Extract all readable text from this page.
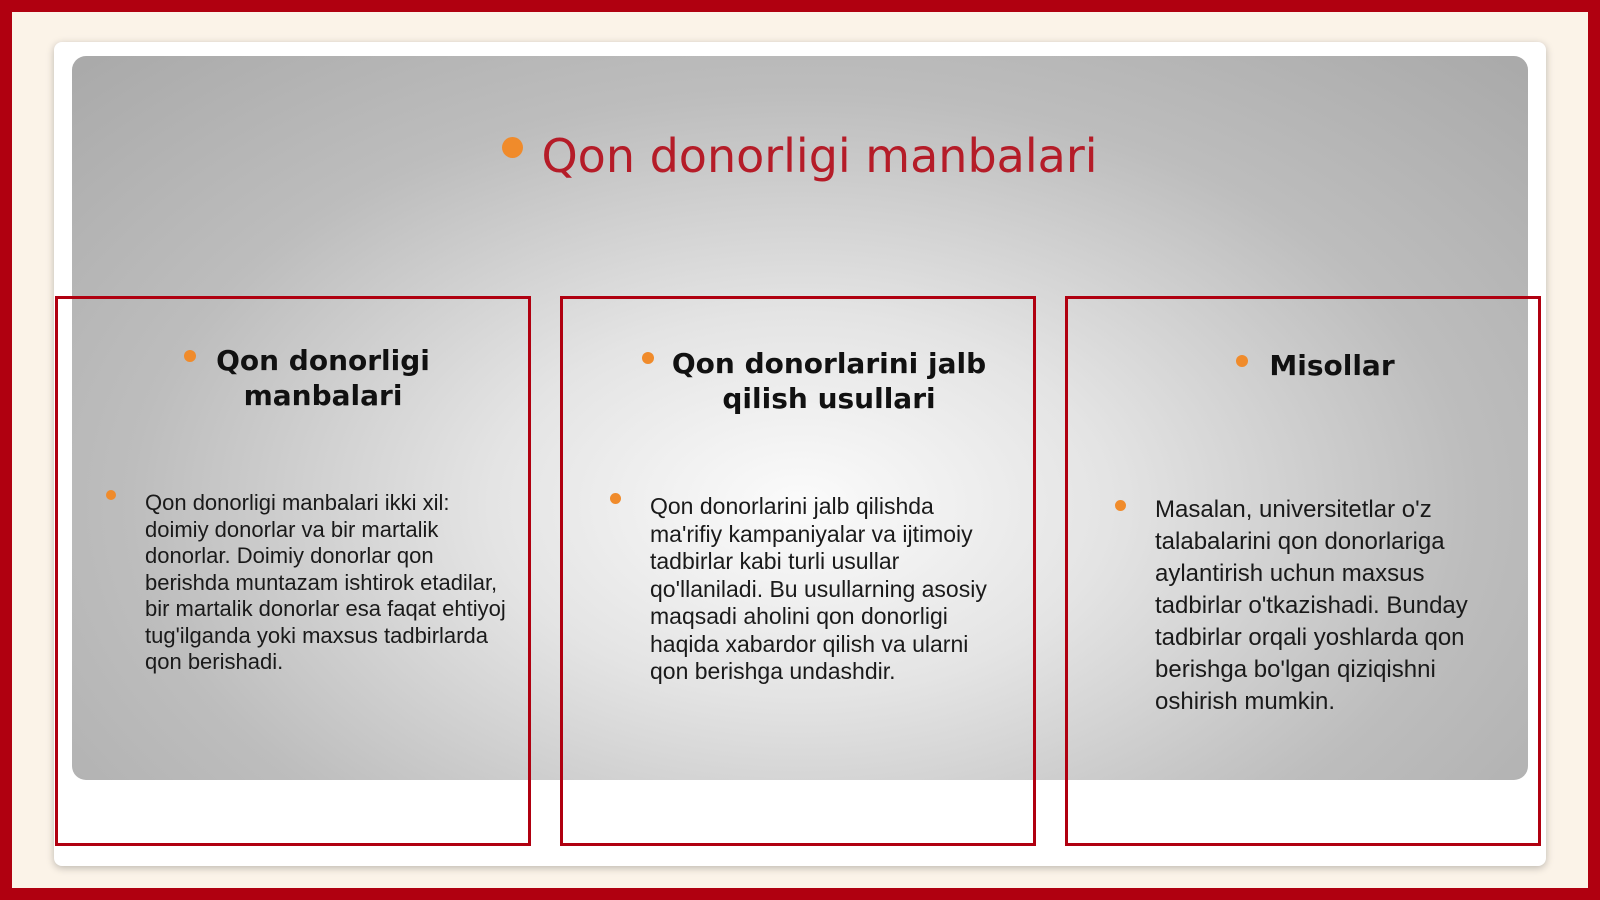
Qon donorligi manbalari
Qon donorligi manbalari
Qon donorligi manbalari ikki xil: doimiy donorlar va bir martalik donorlar. Doimiy donorlar qon berishda muntazam ishtirok etadilar, bir martalik donorlar esa faqat ehtiyoj tug'ilganda yoki maxsus tadbirlarda qon berishadi.
Qon donorlarini jalb qilish usullari
Qon donorlarini jalb qilishda ma'rifiy kampaniyalar va ijtimoiy tadbirlar kabi turli usullar qo'llaniladi. Bu usullarning asosiy maqsadi aholini qon donorligi haqida xabardor qilish va ularni qon berishga undashdir.
Misollar
Masalan, universitetlar o'z talabalarini qon donorlariga aylantirish uchun maxsus tadbirlar o'tkazishadi. Bunday tadbirlar orqali yoshlarda qon berishga bo'lgan qiziqishni oshirish mumkin.
